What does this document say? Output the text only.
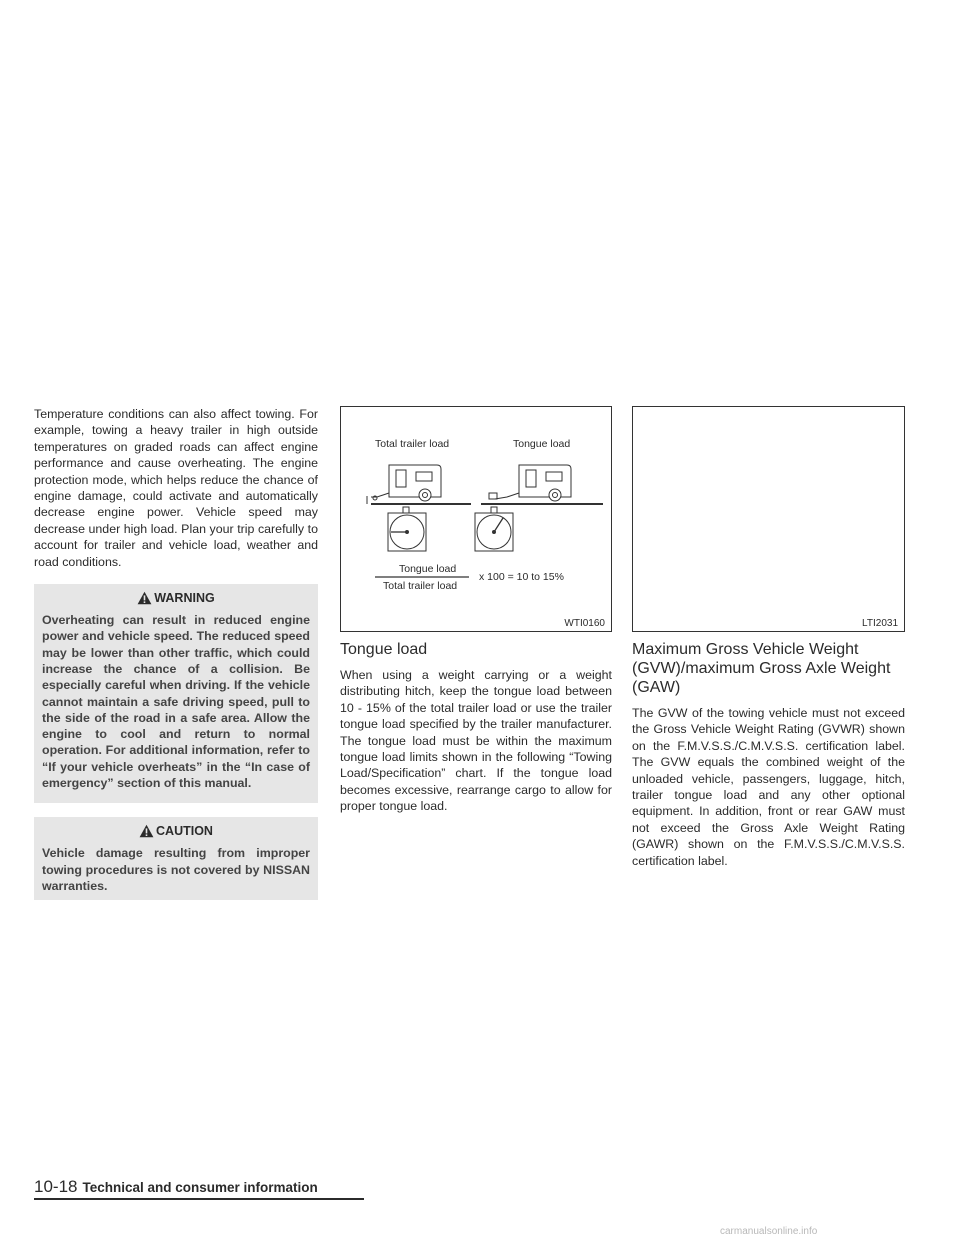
Temperature conditions can also affect towing. For example, towing a heavy trailer in high outside temperatures on graded roads can affect engine performance and cause overheating. The engine protection mode, which helps reduce the chance of engine damage, could activate and automatically decrease engine power. Vehicle speed may decrease under high load. Plan your trip carefully to account for trailer and vehicle load, weather and road conditions.

WARNING

Overheating can result in reduced engine power and vehicle speed. The reduced speed may be lower than other traffic, which could increase the chance of a collision. Be especially careful when driving. If the vehicle cannot maintain a safe driving speed, pull to the side of the road in a safe area. Allow the engine to cool and return to normal operation. For additional information, refer to “If your vehicle overheats” in the “In case of emergency” section of this manual.

CAUTION

Vehicle damage resulting from improper towing procedures is not covered by NISSAN warranties.

Total trailer load	Tongue load
Tongue load
Total trailer load
x 100 = 10 to 15%
WTI0160
Tongue load

When using a weight carrying or a weight distributing hitch, keep the tongue load between 10 - 15% of the total trailer load or use the trailer tongue load specified by the trailer manufacturer. The tongue load must be within the maximum tongue load limits shown in the following “Towing Load/Specification” chart. If the tongue load becomes excessive, rearrange cargo to allow for proper tongue load.

LTI2031
Maximum Gross Vehicle Weight (GVW)/maximum Gross Axle Weight (GAW)

The GVW of the towing vehicle must not exceed the Gross Vehicle Weight Rating (GVWR) shown on the F.M.V.S.S./C.M.V.S.S. certification label. The GVW equals the combined weight of the unloaded vehicle, passengers, luggage, hitch, trailer tongue load and any other optional equipment. In addition, front or rear GAW must not exceed the Gross Axle Weight Rating (GAWR) shown on the F.M.V.S.S./C.M.V.S.S. certification label.

10-18 Technical and consumer information
carmanualsonline.info
